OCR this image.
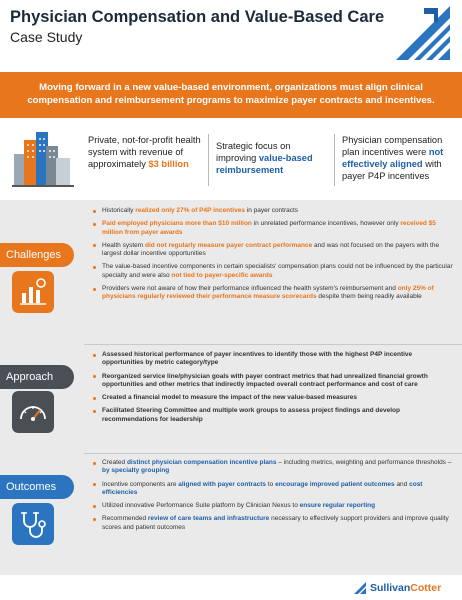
Physician Compensation and Value-Based Care
Case Study
Moving forward in a new value-based environment, organizations must align clinical compensation and reimbursement programs to maximize payer contracts and incentives.
Private, not-for-profit health system with revenue of approximately $3 billion
Strategic focus on improving value-based reimbursement
Physician compensation plan incentives were not effectively aligned with payer P4P incentives
Challenges
Historically realized only 27% of P4P incentives in payer contracts
Paid employed physicians more than $10 million in unrelated performance incentives, however only received $5 million from payer awards
Health system did not regularly measure payer contract performance and was not focused on the payers with the largest dollar incentive opportunities
The value-based incentive components in certain specialists' compensation plans could not be influenced by the particular specialty and were also not tied to payer-specific awards
Providers were not aware of how their performance influenced the health system's reimbursement and only 25% of physicians regularly reviewed their performance measure scorecards despite them being readily available
Approach
Assessed historical performance of payer incentives to identify those with the highest P4P incentive opportunities by metric category/type
Reorganized service line/physician goals with payer contract metrics that had unrealized financial growth opportunities and other metrics that indirectly impacted overall contract performance and cost of care
Created a financial model to measure the impact of the new value-based measures
Facilitated Steering Committee and multiple work groups to assess project findings and develop recommendations for leadership
Outcomes
Created distinct physician compensation incentive plans – including metrics, weighting and performance thresholds – by specialty grouping
Incentive components are aligned with payer contracts to encourage improved patient outcomes and cost efficiencies
Utilized innovative Performance Suite platform by Clinician Nexus to ensure regular reporting
Recommended review of care teams and infrastructure necessary to effectively support providers and improve quality scores and patient outcomes
SullivanCotter
